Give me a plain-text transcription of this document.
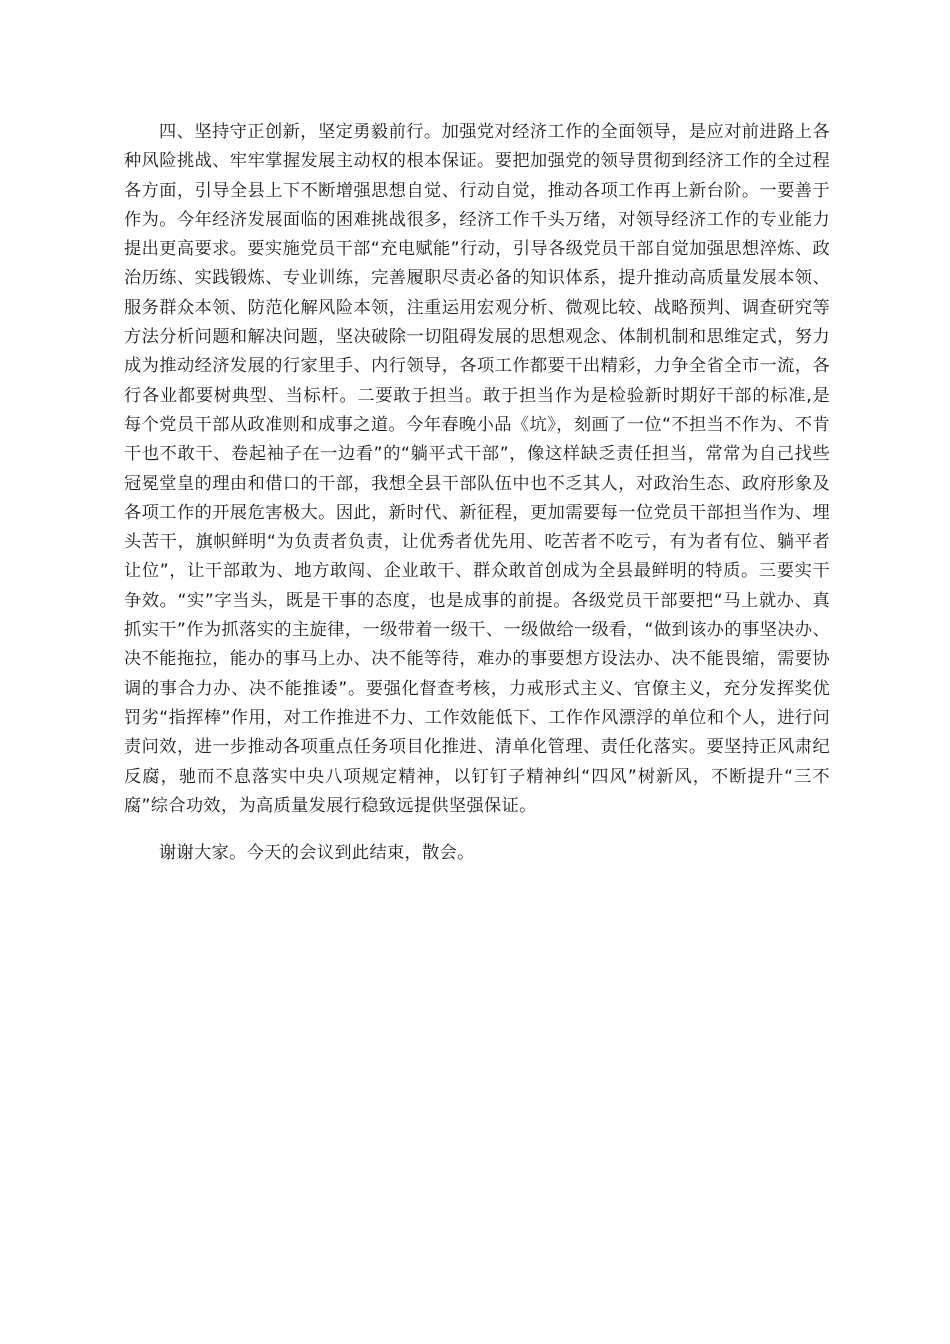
四、坚持守正创新，坚定勇毅前行。加强党对经济工作的全面领导，是应对前进路上各种风险挑战、牢牢掌握发展主动权的根本保证。要把加强党的领导贯彻到经济工作的全过程各方面，引导全县上下不断增强思想自觉、行动自觉，推动各项工作再上新台阶。一要善于作为。今年经济发展面临的困难挑战很多，经济工作千头万绪，对领导经济工作的专业能力提出更高要求。要实施党员干部“充电赋能”行动，引导各级党员干部自觉加强思想淬炼、政治历练、实践锻炼、专业训练，完善履职尽责必备的知识体系，提升推动高质量发展本领、服务群众本领、防范化解风险本领，注重运用宏观分析、微观比较、战略预判、调查研究等方法分析问题和解决问题，坚决破除一切阻碍发展的思想观念、体制机制和思维定式，努力成为推动经济发展的行家里手、内行领导，各项工作都要干出精彩，力争全省全市一流，各行各业都要树典型、当标杆。二要敢于担当。敢于担当作为是检验新时期好干部的标准,是每个党员干部从政准则和成事之道。今年春晚小品《坑》，刻画了一位“不担当不作为、不肯干也不敢干、卷起袖子在一边看”的“躺平式干部”，像这样缺乏责任担当，常常为自己找些冠冕堂皇的理由和借口的干部，我想全县干部队伍中也不乏其人，对政治生态、政府形象及各项工作的开展危害极大。因此，新时代、新征程，更加需要每一位党员干部担当作为、埋头苦干，旗帜鲜明“为负责者负责，让优秀者优先用、吃苦者不吃亏，有为者有位、躺平者让位”，让干部敢为、地方敢闯、企业敢干、群众敢首创成为全县最鲜明的特质。三要实干争效。“实”字当头，既是干事的态度，也是成事的前提。各级党员干部要把“马上就办、真抓实干”作为抓落实的主旋律，一级带着一级干、一级做给一级看，“做到该办的事坚决办、决不能拖拉，能办的事马上办、决不能等待，难办的事要想方设法办、决不能畏缩，需要协调的事合力办、决不能推诿”。要强化督查考核，力戒形式主义、官僚主义，充分发挥奖优罚劣“指挥棒”作用，对工作推进不力、工作效能低下、工作作风漂浮的单位和个人，进行问责问效，进一步推动各项重点任务项目化推进、清单化管理、责任化落实。要坚持正风肃纪反腐，驰而不息落实中央八项规定精神，以钉钉子精神纠“四风”树新风，不断提升“三不腐”综合功效，为高质量发展行稳致远提供坚强保证。

谢谢大家。今天的会议到此结束，散会。
